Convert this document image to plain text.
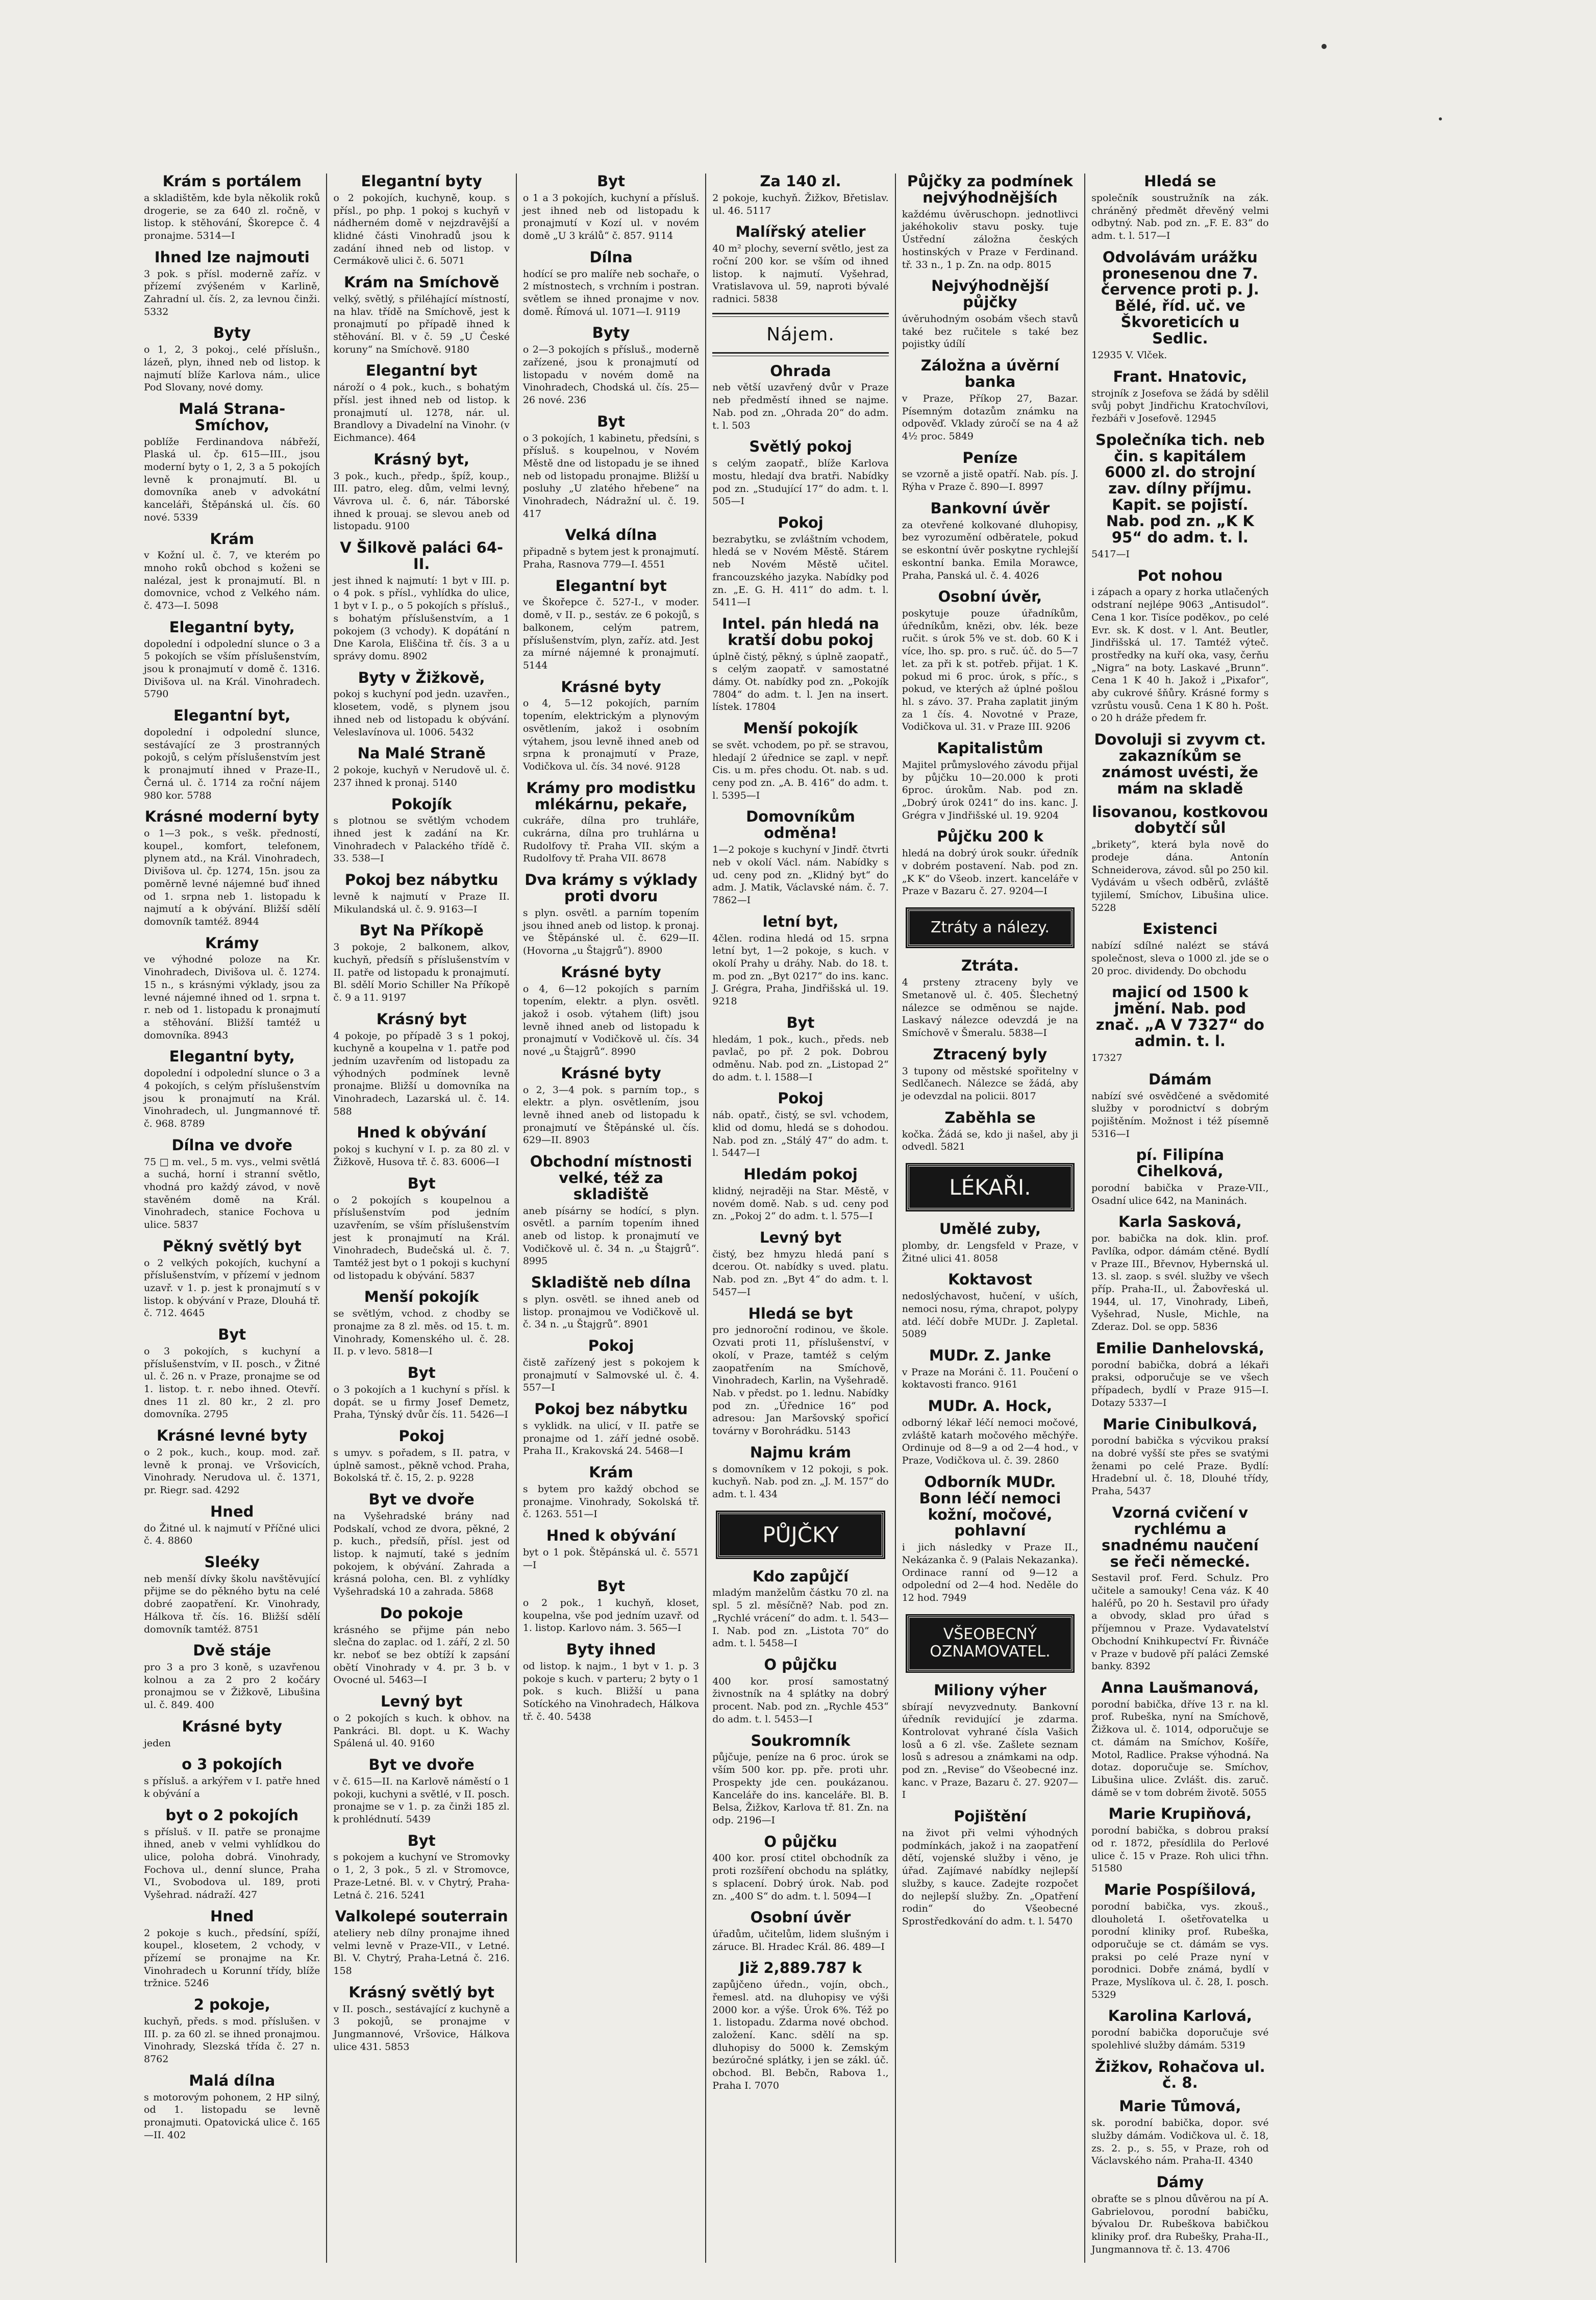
Krám s portálem

a skladištěm, kde byla několik roků drogerie, se za 640 zl. ročně, v listop. k stěhování, Škorepce č. 4 pronajme. 5314—I

Ihned lze najmouti

3 pok. s přísl. moderně zaříz. v přízemí zvýšeném v Karlině, Zahradní ul. čís. 2, za levnou činži. 5332

Byty

o 1, 2, 3 pokoj., celé příslušn., lázeň, plyn, ihned neb od listop. k najmutí blíže Karlova nám., ulice Pod Slovany, nové domy.

Malá Strana-Smíchov,

poblíže Ferdinandova nábřeží, Plaská ul. čp. 615—III., jsou moderní byty o 1, 2, 3 a 5 pokojích levně k pronajmutí. Bl. u domovníka aneb v advokátní kanceláři, Štěpánská ul. čís. 60 nové. 5339

Krám

v Kožní ul. č. 7, ve kterém po mnoho roků obchod s koženi se nalézal, jest k pronajmutí. Bl. n domovnice, vchod z Velkého nám. č. 473—I. 5098

Elegantní byty,

dopolední i odpolední slunce o 3 a 5 pokojích se vším příslušenstvím, jsou k pronajmutí v domě č. 1316. Divišova ul. na Král. Vinohradech. 5790

Elegantní byt,

dopolední i odpolední slunce, sestávající ze 3 prostranných pokojů, s celým příslušenstvím jest k pronajmutí ihned v Praze-II., Černá ul. č. 1714 za roční nájem 980 kor. 5788

Krásné moderní byty

o 1—3 pok., s vešk. předností, koupel., komfort, telefonem, plynem atd., na Král. Vinohradech, Divišova ul. čp. 1274, 15n. jsou za poměrně levné nájemné buď ihned od 1. srpna neb 1. listopadu k najmutí a k obývání. Bližší sdělí domovník tamtéž. 8944

Krámy

ve výhodné poloze na Kr. Vinohradech, Divišova ul. č. 1274. 15 n., s krásnými výklady, jsou za levné nájemné ihned od 1. srpna t. r. neb od 1. listopadu k pronajmutí a stěhování. Bližší tamtéž u domovníka. 8943

Elegantní byty,

dopolední i odpolední slunce o 3 a 4 pokojích, s celým příslušenstvím jsou k pronajmutí na Král. Vinohradech, ul. Jungmannové tř. č. 968. 8789

Dílna ve dvoře

75 □ m. vel., 5 m. vys., velmi světlá a suchá, horní i stranní světlo, vhodná pro každý závod, v nově stavěném domě na Král. Vinohradech, stanice Fochova u ulice. 5837

Pěkný světlý byt

o 2 velkých pokojích, kuchyní a příslušenstvím, v přízemí v jednom uzavř. v 1. p. jest k pronajmutí s v listop. k obývání v Praze, Dlouhá tř. č. 712. 4645

Byt

o 3 pokojích, s kuchyní a příslušenstvím, v II. posch., v Žitné ul. č. 26 n. v Praze, pronajme se od 1. listop. t. r. nebo ihned. Otevří. dnes 11 zl. 80 kr., 2 zl. pro domovníka. 2795

Krásné levné byty

o 2 pok., kuch., koup. mod. zař. levně k pronaj. ve Vršovicích, Vinohrady. Nerudova ul. č. 1371, pr. Riegr. sad. 4292

Hned

do Žitné ul. k najmutí v Příčné ulici č. 4. 8860

Sleéky

neb menší dívky školu navštěvující přijme se do pěkného bytu na celé dobré zaopatření. Kr. Vinohrady, Hálkova tř. čís. 16. Bližší sdělí domovník tamtéž. 8751

Dvě stáje

pro 3 a pro 3 koně, s uzavřenou kolnou a za 2 pro 2 kočáry pronajmou se v Žižkově, Libušina ul. č. 849. 400

Krásné byty

jeden

o 3 pokojích

s přísluš. a arkýřem v I. patře hned k obývání a

byt o 2 pokojích

s přísluš. v II. patře se pronajme ihned, aneb v velmi vyhlídkou do ulice, poloha dobrá. Vinohrady, Fochova ul., denní slunce, Praha VI., Svobodova ul. 189, proti Vyšehrad. nádraží. 427

Hned

2 pokoje s kuch., předsíní, spíží, koupel., klosetem, 2 vchody, v přízemí se pronajme na Kr. Vinohradech u Korunní třídy, blíže tržnice. 5246

2 pokoje,

kuchyň, předs. s mod. příslušen. v III. p. za 60 zl. se ihned pronajmou. Vinohrady, Slezská třída č. 27 n. 8762

Malá dílna

s motorovým pohonem, 2 HP silný, od 1. listopadu se levně pronajmuti. Opatovická ulice č. 165—II. 402

Elegantní byty

o 2 pokojích, kuchyně, koup. s přísl., po php. 1 pokoj s kuchyň v nádherném domě v nejzdravější a klidné části Vinohradů jsou k zadání ihned neb od listop. v Cermákově ulici č. 6. 5071

Krám na Smíchově

velký, světlý, s přiléhající místností, na hlav. třídě na Smíchově, jest k pronajmutí po případě ihned k stěhování. Bl. v č. 59 „U České koruny“ na Smíchově. 9180

Elegantní byt

nároží o 4 pok., kuch., s bohatým přísl. jest ihned neb od listop. k pronajmutí ul. 1278, nár. ul. Brandlovy a Divadelní na Vinohr. (v Eichmance). 464

Krásný byt,

3 pok., kuch., předp., špíž, koup., III. patro, eleg. dům, velmi levný, Vávrova ul. č. 6, nár. Táborské ihned k prouaj. se slevou aneb od listopadu. 9100

V Šilkově paláci 64-II.

jest ihned k najmutí: 1 byt v III. p. o 4 pok. s přísl., vyhlídka do ulice, 1 byt v I. p., o 5 pokojích s přísluš., s bohatým příslušenstvím, a 1 pokojem (3 vchody). K dopátání n Dne Karola, Eliščina tř. čís. 3 a u správy domu. 8902

Byty v Žižkově,

pokoj s kuchyní pod jedn. uzavřen., klosetem, vodě, s plynem jsou ihned neb od listopadu k obývání. Veleslavínova ul. 1006. 5432

Na Malé Straně

2 pokoje, kuchyň v Nerudově ul. č. 237 ihned k pronaj. 5140

Pokojík

s plotnou se světlým vchodem ihned jest k zadání na Kr. Vinohradech v Palackého třídě č. 33. 538—I

Pokoj bez nábytku

levně k najmutí v Praze II. Mikulandská ul. č. 9. 9163—I

Byt Na Příkopě

3 pokoje, 2 balkonem, alkov, kuchyň, předsíň s příslušenstvím v II. patře od listopadu k pronajmutí. Bl. sdělí Morio Schiller Na Příkopě č. 9 a 11. 9197

Krásný byt

4 pokoje, po případě 3 s 1 pokoj, kuchyně a koupelna v 1. patře pod jedním uzavřením od listopadu za výhodných podmínek levně pronajme. Bližší u domovníka na Vinohradech, Lazarská ul. č. 14. 588

Hned k obývání

pokoj s kuchyní v I. p. za 80 zl. v Žižkově, Husova tř. č. 83. 6006—I

Byt

o 2 pokojích s koupelnou a příslušenstvím pod jedním uzavřením, se vším příslušenstvím jest k pronajmutí na Král. Vinohradech, Budečská ul. č. 7. Tamtéž jest byt o 1 pokoji s kuchyní od listopadu k obývání. 5837

Menší pokojík

se světlým, vchod. z chodby se pronajme za 8 zl. měs. od 15. t. m. Vinohrady, Komenského ul. č. 28. II. p. v levo. 5818—I

Byt

o 3 pokojích a 1 kuchyní s přísl. k dopát. se u firmy Josef Demetz, Praha, Týnský dvůr čís. 11. 5426—I

Pokoj

s umyv. s pořadem, s II. patra, v úplně samost., pěkně vchod. Praha, Bokolská tř. č. 15, 2. p. 9228

Byt ve dvoře

na Vyšehradské brány nad Podskalí, vchod ze dvora, pěkné, 2 p. kuch., předsíň, přísl. jest od listop. k najmutí, také s jedním pokojem, k obývání. Zahrada a krásná poloha, cen. Bl. z vyhlídky Vyšehradská 10 a zahrada. 5868

Do pokoje

krásného se přijme pán nebo slečna do zaplac. od 1. září, 2 zl. 50 kr. neboť se bez obtíží k zapsání obětí Vinohrady v 4. pr. 3 b. v Ovocné ul. 5463—I

Levný byt

o 2 pokojích s kuch. k obhov. na Pankráci. Bl. dopt. u K. Wachy Spálená ul. 40. 9160

Byt ve dvoře

v č. 615—II. na Karlově náměstí o 1 pokoji, kuchyni a světlé, v II. posch. pronajme se v 1. p. za činži 185 zl. k prohlédnutí. 5439

Byt

s pokojem a kuchyní ve Stromovky o 1, 2, 3 pok., 5 zl. v Stromovce, Praze-Letné. Bl. v. v Chytrý, Praha-Letná č. 216. 5241

Valkolepé souterrain

ateliery neb dílny pronajme ihned velmi levně v Praze-VII., v Letné. Bl. V. Chytrý, Praha-Letná č. 216. 158

Krásný světlý byt

v II. posch., sestávající z kuchyně a 3 pokojů, se pronajme v Jungmannové, Vršovice, Hálkova ulice 431. 5853

Byt

o 1 a 3 pokojích, kuchyní a přísluš. jest ihned neb od listopadu k pronajmutí v Kozí ul. v novém domě „U 3 králů“ č. 857. 9114

Dílna

hodící se pro malíře neb sochaře, o 2 místnostech, s vrchním i postran. světlem se ihned pronajme v nov. domě. Římová ul. 1071—I. 9119

Byty

o 2—3 pokojích s přísluš., moderně zařízené, jsou k pronajmutí od listopadu v novém domě na Vinohradech, Chodská ul. čís. 25—26 nové. 236

Byt

o 3 pokojích, 1 kabinetu, předsíni, s přísluš. s koupelnou, v Novém Městě dne od listopadu je se ihned neb od listopadu pronajme. Bližší u posluhy „U zlatého hřebene“ na Vinohradech, Nádražní ul. č. 19. 417

Velká dílna

připadně s bytem jest k pronajmutí. Praha, Rasnova 779—I. 4551

Elegantní byt

ve Škořepce č. 527-I., v moder. domě, v II. p., sestáv. ze 6 pokojů, s balkonem, celým patrem, příslušenstvím, plyn, zaříz. atd. Jest za mírné nájemné k pronajmutí. 5144

Krásné byty

o 4, 5—12 pokojích, parním topením, elektrickým a plynovým osvětlením, jakož i osobním výtahem, jsou levně ihned aneb od srpna k pronajmutí v Praze, Vodičkova ul. čís. 34 nové. 9128

Krámy pro modistku mlékárnu, pekaře,

cukráře, dílna pro truhláře, cukrárna, dílna pro truhlárna u Rudolfovy tř. Praha VII. ským a Rudolfovy tř. Praha VII. 8678

Dva krámy s výklady proti dvoru

s plyn. osvětl. a parním topením jsou ihned aneb od listop. k pronaj. ve Štěpánské ul. č. 629—II. (Hovorna „u Štajgrů“). 8900

Krásné byty

o 4, 6—12 pokojích s parním topením, elektr. a plyn. osvětl. jakož i osob. výtahem (lift) jsou levně ihned aneb od listopadu k pronajmutí v Vodičkově ul. čís. 34 nové „u Štajgrů“. 8990

Krásné byty

o 2, 3—4 pok. s parním top., s elektr. a plyn. osvětlením, jsou levně ihned aneb od listopadu k pronajmutí ve Štěpánské ul. čís. 629—II. 8903

Obchodní místnosti velké, též za skladiště

aneb písárny se hodící, s plyn. osvětl. a parním topením ihned aneb od listop. k pronajmutí ve Vodičkově ul. č. 34 n. „u Štajgrů“. 8995

Skladiště neb dílna

s plyn. osvětl. se ihned aneb od listop. pronajmou ve Vodičkově ul. č. 34 n. „u Štajgrů“. 8901

Pokoj

čistě zařízený jest s pokojem k pronajmutí v Salmovské ul. č. 4. 557—I

Pokoj bez nábytku

s vyklidk. na ulicí, v II. patře se pronajme od 1. září jedné osobě. Praha II., Krakovská 24. 5468—I

Krám

s bytem pro každý obchod se pronajme. Vinohrady, Sokolská tř. č. 1263. 551—I

Hned k obývání

byt o 1 pok. Štěpánská ul. č. 5571—I

Byt

o 2 pok., 1 kuchyň, kloset, koupelna, vše pod jedním uzavř. od 1. listop. Karlovo nám. 3. 565—I

Byty ihned

od listop. k najm., 1 byt v 1. p. 3 pokoje s kuch. v parteru; 2 byty o 1 pok. s kuch. Bližší u pana Sotíckého na Vinohradech, Hálkova tř. č. 40. 5438

Za 140 zl.

2 pokoje, kuchyň. Žižkov, Břetislav. ul. 46. 5117

Malířský atelier

40 m² plochy, severní světlo, jest za roční 200 kor. se vším od ihned listop. k najmutí. Vyšehrad, Vratislavova ul. 59, naproti bývalé radnici. 5838

Nájem.
Ohrada

neb větší uzavřený dvůr v Praze neb předměstí ihned se najme. Nab. pod zn. „Ohrada 20“ do adm. t. l. 503

Světlý pokoj

s celým zaopatř., blíže Karlova mostu, hledají dva bratři. Nabídky pod zn. „Studující 17“ do adm. t. l. 505—I

Pokoj

bezrabytku, se zvláštním vchodem, hledá se v Novém Městě. Stárem neb Novém Městě učitel. francouzského jazyka. Nabídky pod zn. „E. G. H. 411“ do adm. t. l. 5411—I

Intel. pán hledá na kratší dobu pokoj

úplně čistý, pěkný, s úplně zaopatř., s celým zaopatř. v samostatné dámy. Ot. nabídky pod zn. „Pokojík 7804“ do adm. t. l. Jen na insert. lístek. 17804

Menší pokojík

se svět. vchodem, po př. se stravou, hledají 2 úřednice se zapl. v nepř. Cis. u m. přes chodu. Ot. nab. s ud. ceny pod zn. „A. B. 416“ do adm. t. l. 5395—I

Domovníkům odměna!

1—2 pokoje s kuchyní v Jindř. čtvrti neb v okolí Václ. nám. Nabídky s ud. ceny pod zn. „Klidný byt“ do adm. J. Matik, Václavské nám. č. 7. 7862—I

letní byt,

4člen. rodina hledá od 15. srpna letní byt, 1—2 pokoje, s kuch. v okolí Prahy u dráhy. Nab. do 18. t. m. pod zn. „Byt 0217“ do ins. kanc. J. Grégra, Praha, Jindřišská ul. 19. 9218

Byt

hledám, 1 pok., kuch., předs. neb pavlač, po př. 2 pok. Dobrou odměnu. Nab. pod zn. „Listopad 2“ do adm. t. l. 1588—I

Pokoj

náb. opatř., čistý, se svl. vchodem, klid od domu, hledá se s dohodou. Nab. pod zn. „Stálý 47“ do adm. t. l. 5447—I

Hledám pokoj

klidný, nejraději na Star. Městě, v novém domě. Nab. s ud. ceny pod zn. „Pokoj 2“ do adm. t. l. 575—I

Levný byt

čistý, bez hmyzu hledá paní s dcerou. Ot. nabídky s uved. platu. Nab. pod zn. „Byt 4“ do adm. t. l. 5457—I

Hledá se byt

pro jednoroční rodinou, ve škole. Ozvati proti 11, příslušenství, v okolí, v Praze, tamtéž s celým zaopatřením na Smíchově, Vinohradech, Karlin, na Vyšehradě. Nab. v předst. po 1. lednu. Nabídky pod zn. „Úřednice 16“ pod adresou: Jan Maršovský spořicí továrny v Borohrádku. 5143

Najmu krám

s domovníkem v 12 pokoji, s pok. kuchyň. Nab. pod zn. „J. M. 157“ do adm. t. l. 434

PŮJČKY
Kdo zapůjčí

mladým manželům částku 70 zl. na spl. 5 zl. měsíčně? Nab. pod zn. „Rychlé vrácení“ do adm. t. l. 543—I. Nab. pod zn. „Listota 70“ do adm. t. l. 5458—I

O půjčku

400 kor. prosí samostatný živnostník na 4 splátky na dobrý procent. Nab. pod zn. „Rychle 453“ do adm. t. l. 5453—I

Soukromník

půjčuje, peníze na 6 proc. úrok se vším 500 kor. pp. pře. proti uhr. Prospekty jde cen. poukázanou. Kanceláře do ins. kanceláře. Bl. B. Belsa, Žižkov, Karlova tř. 81. Zn. na odp. 2196—I

O půjčku

400 kor. prosí ctitel obchodník za proti rozšíření obchodu na splátky, s splacení. Dobrý úrok. Nab. pod zn. „400 S“ do adm. t. l. 5094—I

Osobní úvěr

úřadům, učitelům, lidem slušným i záruce. Bl. Hradec Král. 86. 489—I

Již 2,889.787 k

zapůjčeno úředn., vojín, obch., řemesl. atd. na dluhopisy ve výši 2000 kor. a výše. Úrok 6%. Též po 1. listopadu. Zdarma nové obchod. založení. Kanc. sdělí na sp. dluhopisy do 5000 k. Zemským bezúročné splátky, i jen se zákl. úč. obchod. Bl. Bebčn, Rabova 1., Praha I. 7070

Půjčky za podmínek nejvýhodnějších

každému úvěruschopn. jednotlivci jakéhokoliv stavu posky. tuje Ústřední záložna českých hostinských v Praze v Ferdinand. tř. 33 n., 1 p. Zn. na odp. 8015

Nejvýhodnější půjčky

úvěruhodným osobám všech stavů také bez ručitele s také bez pojistky údílí

Záložna a úvěrní banka

v Praze, Příkop 27, Bazar. Písemným dotazům známku na odpověď. Vklady zúročí se na 4 až 4½ proc. 5849

Peníze

se vzorně a jistě opatří. Nab. pís. J. Rýha v Praze č. 890—I. 8997

Bankovní úvěr

za otevřené kolkované dluhopisy, bez vyrozumění odběratele, pokud se eskontní úvěr poskytne rychlejší eskontní banka. Emila Morawce, Praha, Panská ul. č. 4. 4026

Osobní úvěr,

poskytuje pouze úřadníkům, úředníkům, knězi, obv. lék. beze ručit. s úrok 5% ve st. dob. 60 K i více, lho. sp. pro. s ruč. úč. do 5—7 let. za při k st. potřeb. přijat. 1 K. pokud mi 6 proc. úrok, s příc., s pokud, ve kterých až úplné pošlou hl. s závo. 37. Praha zaplatit jiným za 1 čís. 4. Novotné v Praze, Vodičkova ul. 31. v Praze III. 9206

Kapitalistům

Majitel průmyslového závodu přijal by půjčku 10—20.000 k proti 6proc. úrokům. Nab. pod zn. „Dobrý úrok 0241“ do ins. kanc. J. Grégra v Jindřišské ul. 19. 9204

Půjčku 200 k

hledá na dobrý úrok soukr. úředník v dobrém postavení. Nab. pod zn. „K K“ do Všeob. inzert. kanceláře v Praze v Bazaru č. 27. 9204—I

Ztráty a nálezy.
Ztráta.

4 prsteny ztraceny byly ve Smetanově ul. č. 405. Šlechetný nálezce se odměnou se najde. Laskavý nálezce odevzdá je na Smíchově v Šmeralu. 5838—I

Ztracený byly

3 tupony od městské spořitelny v Sedlčanech. Nálezce se žádá, aby je odevzdal na policii. 8017

Zaběhla se

kočka. Žádá se, kdo ji našel, aby ji odvedl. 5821

LÉKAŘI.
Umělé zuby,

plomby, dr. Lengsfeld v Praze, v Žitné ulici 41. 8058

Koktavost

nedoslýchavost, hučení, v uších, nemoci nosu, rýma, chrapot, polypy atd. léčí dobře MUDr. J. Zapletal. 5089

MUDr. Z. Janke

v Praze na Moráni č. 11. Poučení o koktavosti franco. 9161

MUDr. A. Hock,

odborný lékař léčí nemoci močové, zvláště katarh močového měchýře. Ordinuje od 8—9 a od 2—4 hod., v Praze, Vodičkova ul. č. 39. 2860

Odborník MUDr. Bonn léčí nemoci kožní, močové, pohlavní

i jich následky v Praze II., Nekázanka č. 9 (Palais Nekazanka). Ordinace ranní od 9—12 a odpolední od 2—4 hod. Neděle do 12 hod. 7949

VŠEOBECNÝ OZNAMOVATEL.
Miliony výher

sbírají nevyzvednuty. Bankovní úředník revidující je zdarma. Kontrolovat vyhrané čísla Vašich losů a 6 zl. vše. Zašlete seznam losů s adresou a známkami na odp. pod zn. „Revise“ do Všeobecné inz. kanc. v Praze, Bazaru č. 27. 9207—I

Pojištění

na život při velmi výhodných podmínkách, jakož i na zaopatření dětí, vojenské služby i věno, je úřad. Zajímavé nabídky nejlepší služby, s kauce. Zadejte rozpočet do nejlepší služby. Zn. „Opatření rodin“ do Všeobecné Sprostředkování do adm. t. l. 5470

Hledá se

společník soustružník na zák. chráněný předmět dřevěný velmi odbytný. Nab. pod zn. „F. E. 83“ do adm. t. l. 517—I

Odvolávám urážku pronesenou dne 7. července proti p. J. Bělé, říd. uč. ve Škvoreticích u Sedlic.

12935 V. Vlček.

Frant. Hnatovic,

strojník z Josefova se žádá by sdělil svůj pobyt Jindřichu Kratochvílovi, řezbáři v Josefově. 12945

Společníka tich. neb čin. s kapitálem 6000 zl. do strojní zav. dílny příjmu. Kapit. se pojistí. Nab. pod zn. „K K 95“ do adm. t. l.

5417—I

Pot nohou

i zápach a opary z horka utlačených odstraní nejlépe 9063 „Antisudol“. Cena 1 kor. Tisíce poděkov., po celé Evr. sk. K dost. v l. Ant. Beutler, Jindřišská ul. 17. Tamtéž výteč. prostředky na kuří oka, vasy, čerňu „Nigra“ na boty. Laskavé „Brunn“. Cena 1 K 40 h. Jakož i „Pixafor“, aby cukrové šňůry. Krásné formy s vzrůstu vousů. Cena 1 K 80 h. Pošt. o 20 h dráže předem fr.

Dovoluji si zvyvm ct. zakazníkům se známost uvésti, že mám na skladě
lisovanou, kostkovou dobytčí sůl

„brikety“, která byla nově do prodeje dána. Antonín Schneiderova, závod. sůl po 250 kil. Vydávám u všech odběrů, zvláště tyjilemí, Smíchov, Libušina ulice. 5228

Existenci

nabízí sdílné nalézt se stává společnost, sleva o 1000 zl. jde se o 20 proc. dividendy. Do obchodu

majicí od 1500 k jmění. Nab. pod znač. „A V 7327“ do admin. t. l.

17327

Dámám

nabízí své osvědčené a svědomité služby v porodnictví s dobrým pojištěním. Možnost i též písemně 5316—I

pí. Filipína Cihelková,

porodní babička v Praze-VII., Osadní ulice 642, na Maninách.

Karla Sasková,

por. babička na dok. klin. prof. Pavlíka, odpor. dámám ctěné. Bydlí v Praze III., Břevnov, Hybernská ul. 13. sl. zaop. s svél. služby ve všech příp. Praha-II., ul. Žabovřeská ul. 1944, ul. 17, Vinohrady, Libeň, Vyšehrad, Nusle, Michle, na Zderaz. Dol. se opp. 5836

Emilie Danhelovská,

porodní babička, dobrá a lékaři praksi, odporučuje se ve všech případech, bydlí v Praze 915—I. Dotazy 5337—I

Marie Cinibulková,

porodní babička s výcvikou praksí na dobré vyšší ste přes se svatými ženami po celé Praze. Bydlí: Hradební ul. č. 18, Dlouhé třídy, Praha, 5437

Vzorná cvičení v rychlému a snadnému naučení se řeči německé.

Sestavil prof. Ferd. Schulz. Pro učitele a samouky! Cena váz. K 40 haléřů, po 20 h. Sestavil pro úřady a obvody, sklad pro úřad s příjemnou v Praze. Vydavatelství Obchodní Knihkupectví Fr. Řivnáče v Praze v budově pří paláci Zemské banky. 8392

Anna Laušmanová,

porodní babička, dříve 13 r. na kl. prof. Rubeška, nyní na Smíchově, Žižkova ul. č. 1014, odporučuje se ct. dámám na Smíchov, Košíře, Motol, Radlice. Prakse výhodná. Na dotaz. doporučuje se. Smíchov, Libušina ulice. Zvlášt. dis. zaruč. dámě se v tom dobrém životě. 5055

Marie Krupiňová,

porodní babička, s dobrou praksí od r. 1872, přesídlila do Perlové ulice č. 15 v Praze. Roh ulici třhn. 51580

Marie Pospíšilová,

porodní babička, vys. zkouš., dlouholetá I. ošetřovatelka u porodní kliniky prof. Rubeška, odporučuje se ct. dámám se vys. praksi po celé Praze nyní v porodnici. Dobře známá, bydlí v Praze, Myslíkova ul. č. 28, I. posch. 5329

Karolina Karlová,

porodní babička doporučuje své spolehlivé služby dámám. 5319

Žižkov, Rohačova ul. č. 8.
Marie Tůmová,

sk. porodní babička, dopor. své služby dámám. Vodičkova ul. č. 18, zs. 2. p., s. 55, v Praze, roh od Václavského nám. Praha-II. 4340

Dámy

obraťte se s plnou důvěrou na pí A. Gabrielovou, porodní babičku, bývalou Dr. Rubeškova babičkou kliniky prof. dra Rubešky, Praha-II., Jungmannova tř. č. 13. 4706
